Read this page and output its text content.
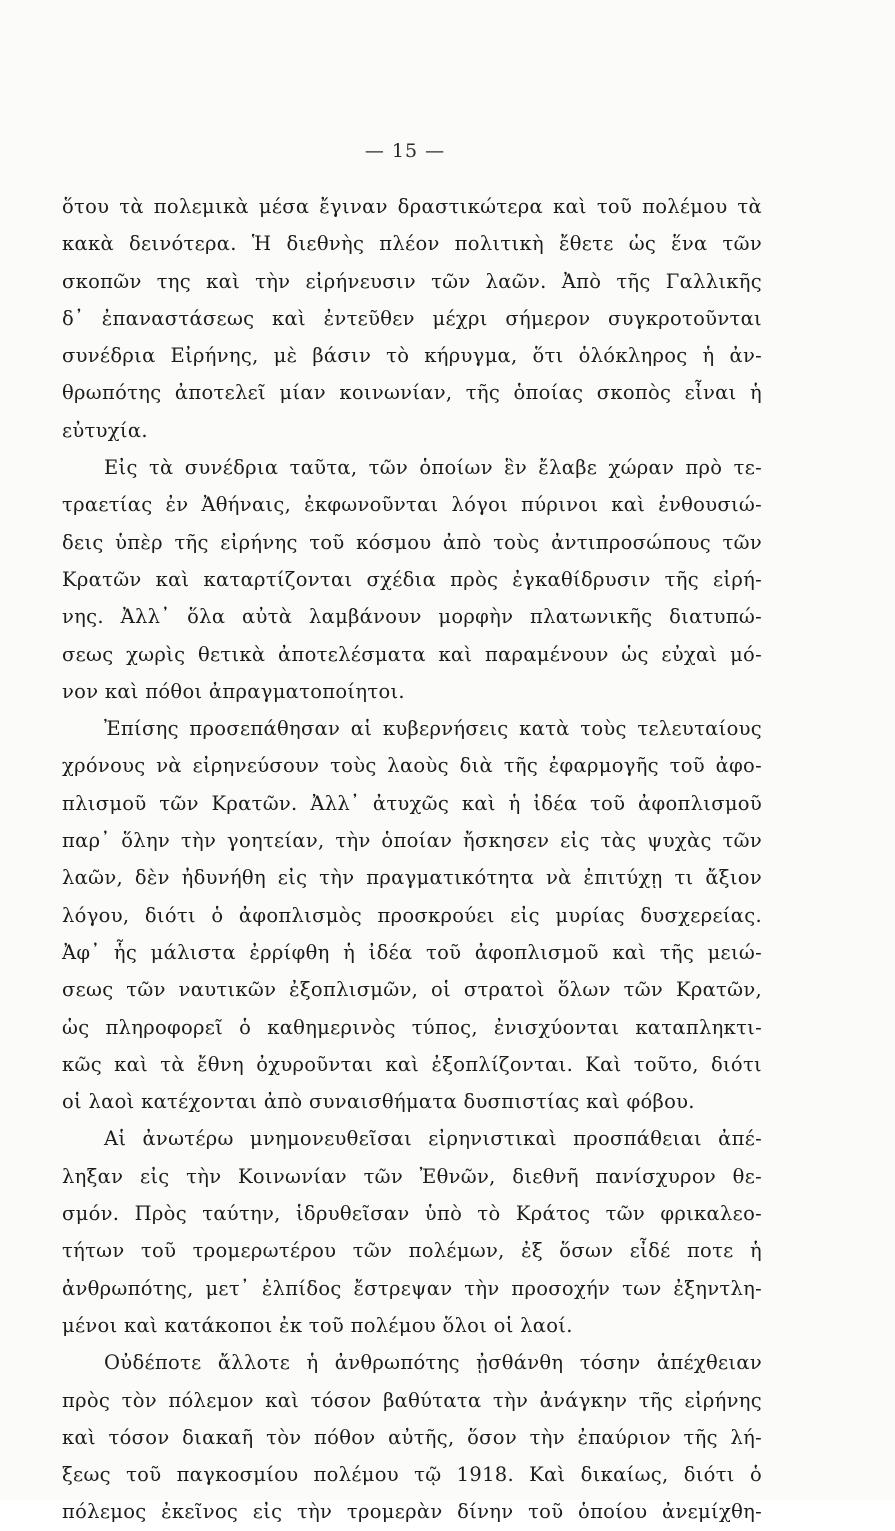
— 15 —
ὅτου τὰ πολεμικὰ μέσα ἔγιναν δραστικώτερα καὶ τοῦ πολέμου τὰ
κακὰ δεινότερα. Ἡ διεθνὴς πλέον πολιτικὴ ἔθετε ὡς ἕνα τῶν
σκοπῶν της καὶ τὴν εἰρήνευσιν τῶν λαῶν. Ἀπὸ τῆς Γαλλικῆς
δ᾽ ἐπαναστάσεως καὶ ἐντεῦθεν μέχρι σήμερον συγκροτοῦνται
συνέδρια Εἰρήνης, μὲ βάσιν τὸ κήρυγμα, ὅτι ὁλόκληρος ἡ ἀν-
θρωπότης ἀποτελεῖ μίαν κοινωνίαν, τῆς ὁποίας σκοπὸς εἶναι ἡ
εὐτυχία.
Εἰς τὰ συνέδρια ταῦτα, τῶν ὁποίων ἓν ἔλαβε χώραν πρὸ τε-
τραετίας ἐν Ἀθήναις, ἐκφωνοῦνται λόγοι πύρινοι καὶ ἐνθουσιώ-
δεις ὑπὲρ τῆς εἰρήνης τοῦ κόσμου ἀπὸ τοὺς ἀντιπροσώπους τῶν
Κρατῶν καὶ καταρτίζονται σχέδια πρὸς ἐγκαθίδρυσιν τῆς εἰρή-
νης. Ἀλλ᾽ ὅλα αὐτὰ λαμβάνουν μορφὴν πλατωνικῆς διατυπώ-
σεως χωρὶς θετικὰ ἀποτελέσματα καὶ παραμένουν ὡς εὐχαὶ μό-
νον καὶ πόθοι ἀπραγματοποίητοι.
Ἐπίσης προσεπάθησαν αἱ κυβερνήσεις κατὰ τοὺς τελευταίους
χρόνους νὰ εἰρηνεύσουν τοὺς λαοὺς διὰ τῆς ἐφαρμογῆς τοῦ ἀφο-
πλισμοῦ τῶν Κρατῶν. Ἀλλ᾽ ἀτυχῶς καὶ ἡ ἰδέα τοῦ ἀφοπλισμοῦ
παρ᾽ ὅλην τὴν γοητείαν, τὴν ὁποίαν ἤσκησεν εἰς τὰς ψυχὰς τῶν
λαῶν, δὲν ἠδυνήθη εἰς τὴν πραγματικότητα νὰ ἐπιτύχῃ τι ἄξιον
λόγου, διότι ὁ ἀφοπλισμὸς προσκρούει εἰς μυρίας δυσχερείας.
Ἀφ᾽ ἧς μάλιστα ἐρρίφθη ἡ ἰδέα τοῦ ἀφοπλισμοῦ καὶ τῆς μειώ-
σεως τῶν ναυτικῶν ἐξοπλισμῶν, οἱ στρατοὶ ὅλων τῶν Κρατῶν,
ὡς πληροφορεῖ ὁ καθημερινὸς τύπος, ἐνισχύονται καταπληκτι-
κῶς καὶ τὰ ἔθνη ὀχυροῦνται καὶ ἐξοπλίζονται. Καὶ τοῦτο, διότι
οἱ λαοὶ κατέχονται ἀπὸ συναισθήματα δυσπιστίας καὶ φόβου.
Αἱ ἀνωτέρω μνημονευθεῖσαι εἰρηνιστικαὶ προσπάθειαι ἀπέ-
ληξαν εἰς τὴν Κοινωνίαν τῶν Ἐθνῶν, διεθνῆ πανίσχυρον θε-
σμόν. Πρὸς ταύτην, ἱδρυθεῖσαν ὑπὸ τὸ Κράτος τῶν φρικαλεο-
τήτων τοῦ τρομερωτέρου τῶν πολέμων, ἐξ ὅσων εἶδέ ποτε ἡ
ἀνθρωπότης, μετ᾽ ἐλπίδος ἔστρεψαν τὴν προσοχήν των ἐξηντλη-
μένοι καὶ κατάκοποι ἐκ τοῦ πολέμου ὅλοι οἱ λαοί.
Οὐδέποτε ἄλλοτε ἡ ἀνθρωπότης ᾐσθάνθη τόσην ἀπέχθειαν
πρὸς τὸν πόλεμον καὶ τόσον βαθύτατα τὴν ἀνάγκην τῆς εἰρήνης
καὶ τόσον διακαῆ τὸν πόθον αὐτῆς, ὅσον τὴν ἐπαύριον τῆς λή-
ξεως τοῦ παγκοσμίου πολέμου τῷ 1918. Καὶ δικαίως, διότι ὁ
πόλεμος ἐκεῖνος εἰς τὴν τρομερὰν δίνην τοῦ ὁποίου ἀνεμίχθη-
